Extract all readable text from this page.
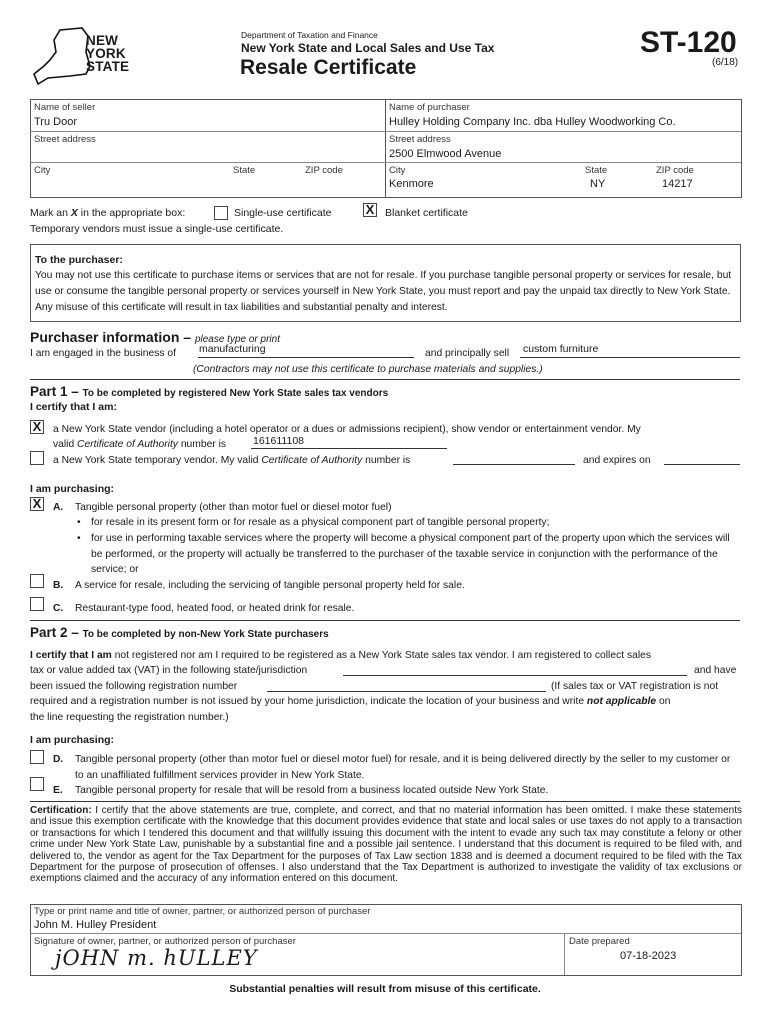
NEW YORK STATE
Department of Taxation and Finance
New York State and Local Sales and Use Tax
Resale Certificate
ST-120
(6/18)
Name of seller
Tru Door
Street address
City	State	ZIP code
Name of purchaser
Hulley Holding Company Inc. dba Hulley Woodworking Co.
Street address
2500 Elmwood Avenue
City
Kenmore
State
NY
ZIP code
14217
Mark an X in the appropriate box:	Single-use certificate	X Blanket certificate
Temporary vendors must issue a single-use certificate.
To the purchaser:
You may not use this certificate to purchase items or services that are not for resale. If you purchase tangible personal property or services for resale, but use or consume the tangible personal property or services yourself in New York State, you must report and pay the unpaid tax directly to New York State. Any misuse of this certificate will result in tax liabilities and substantial penalty and interest.
Purchaser information – please type or print
I am engaged in the business of manufacturing	and principally sell custom furniture
(Contractors may not use this certificate to purchase materials and supplies.)
Part 1 – To be completed by registered New York State sales tax vendors
I certify that I am:
X a New York State vendor (including a hotel operator or a dues or admissions recipient), show vendor or entertainment vendor. My
valid Certificate of Authority number is	161611108
a New York State temporary vendor. My valid Certificate of Authority number is	and expires on
I am purchasing:
X A. Tangible personal property (other than motor fuel or diesel motor fuel)
• for resale in its present form or for resale as a physical component part of tangible personal property;
• for use in performing taxable services where the property will become a physical component part of the property upon which the services will be performed, or the property will actually be transferred to the purchaser of the taxable service in conjunction with the performance of the service; or
B. A service for resale, including the servicing of tangible personal property held for sale.
C. Restaurant-type food, heated food, or heated drink for resale.
Part 2 – To be completed by non-New York State purchasers
I certify that I am not registered nor am I required to be registered as a New York State sales tax vendor. I am registered to collect sales
tax or value added tax (VAT) in the following state/jurisdiction	and have
been issued the following registration number	(If sales tax or VAT registration is not
required and a registration number is not issued by your home jurisdiction, indicate the location of your business and write not applicable on
the line requesting the registration number.)
I am purchasing:
D. Tangible personal property (other than motor fuel or diesel motor fuel) for resale, and it is being delivered directly by the seller to my customer or to an unaffiliated fulfillment services provider in New York State.
E. Tangible personal property for resale that will be resold from a business located outside New York State.
Certification: I certify that the above statements are true, complete, and correct, and that no material information has been omitted. I make these statements and issue this exemption certificate with the knowledge that this document provides evidence that state and local sales or use taxes do not apply to a transaction or transactions for which I tendered this document and that willfully issuing this document with the intent to evade any such tax may constitute a felony or other crime under New York State Law, punishable by a substantial fine and a possible jail sentence. I understand that this document is required to be filed with, and delivered to, the vendor as agent for the Tax Department for the purposes of Tax Law section 1838 and is deemed a document required to be filed with the Tax Department for the purpose of prosecution of offenses. I also understand that the Tax Department is authorized to investigate the validity of tax exclusions or exemptions claimed and the accuracy of any information entered on this document.
Type or print name and title of owner, partner, or authorized person of purchaser
John M. Hulley President
Signature of owner, partner, or authorized person of purchaser
jOHN m. hULLEY
Date prepared
07-18-2023
Substantial penalties will result from misuse of this certificate.
